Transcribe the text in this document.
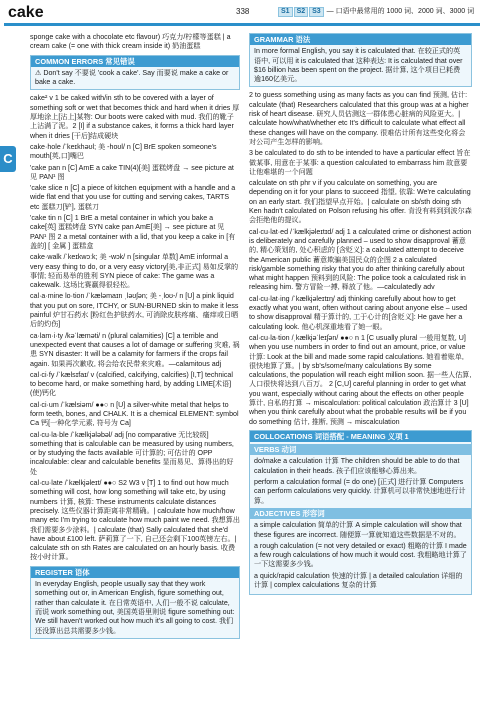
cake	338	S1 S2 S3 — 口语中最常用的 1000 词、2000 词、3000 词
C

sponge cake with a chocolate etc flavour) 巧克力/柠檬等蛋糕 | a cream cake (= one with thick cream inside it) 奶油蛋糕

COMMON ERRORS 常见错误
⚠ Don't say 不要说 'cook a cake'. Say 而要说 make a cake or bake a cake.

cake² v 1 be caked with/in sth to be covered with a layer of something soft or wet that becomes thick and hard when it dries 厚厚地涂上[沾上]某物: Our boots were caked with mud. 我们的靴子上沾满了泥。2 [I] if a substance cakes, it forms a thick hard layer when it dries [干后]结成硬块

cake·hole /ˈkeɪkhəʊl; 美 -hoʊl/ n [C] BrE spoken someone's mouth[英,口]嘴巴

'cake pan n [C] AmE a cake TIN(4)[美] 蛋糕烤盘 → see picture at 见 PAN¹ 图

'cake slice n [C] a piece of kitchen equipment with a handle and a wide flat end that you use for cutting and serving cakes, TARTS etc 蛋糕刀[铲], 蛋糕刀

'cake tin n [C] 1 BrE a metal container in which you bake a cake[英] 蛋糕烤盘 SYN cake pan AmE[美] → see picture at 见 PAN¹ 图 2 a metal container with a lid, that you keep a cake in [有盖的] [ 金属 ] 蛋糕盒

cake·walk /ˈkeɪkwɔːk; 美 -wɔk/ n [singular 单数] AmE informal a very easy thing to do, or a very easy victory[美,非正式] 易如反掌的事情; 轻而易举的胜利 SYN piece of cake: The game was a cakewalk. 这场比赛赢得很轻松。

cal·a·mine lo·tion /ˈkæləmaɪn ˌləʊʃən; 美 -ˌloʊ-/ n [U] a pink liquid that you put on sore, ITCHY, or SUN-BURNED skin to make it less painful 炉甘石药水 [粉红色护肤药水, 可消除皮肤疼痛、瘙痒或日晒后的灼伤]

ca·lam·i·ty /kəˈlæməti/ n (plural calamities) [C] a terrible and unexpected event that causes a lot of damage or suffering 灾难, 祸患 SYN disaster: It will be a calamity for farmers if the crops fail again. 如果再次歉收, 将会给农民带来灾难。—calamitous adj

cal·ci·fy /ˈkælsɪfaɪ/ v (calcified, calcifying, calcifies) [I,T] technical to become hard, or make something hard, by adding LIME[术语] (使)钙化

cal·ci·um /ˈkælsiəm/ ●●○ n [U] a silver-white metal that helps to form teeth, bones, and CHALK. It is a chemical ELEMENT: symbol Ca 钙[一种化学元素, 符号为 Ca]

cal·cu·la·ble /ˈkælkjələbəl/ adj [no comparative 无比较级] something that is calculable can be measured by using numbers, or by studying the facts available 可计算的; 可估计的 OPP incalculable: clear and calculable benefits 显而易见、算得出的好处

cal·cu·late /ˈkælkjəleɪt/ ●●○ S2 W3 v [T] 1 to find out how much something will cost, how long something will take etc, by using numbers 计算, 核算: These instruments calculate distances precisely. 这些仪器计算距离非常精确。| calculate how much/how many etc I'm trying to calculate how much paint we need. 我想算出我们需要多少涂料。| calculate (that) Sally calculated that she'd have about £100 left. 萨莉算了一下, 自己还会剩下100英镑左右。| calculate sth on sth Rates are calculated on an hourly basis. 收费按小时计算。

REGISTER 语体
In everyday English, people usually say that they work something out or, in American English, figure something out, rather than calculate it. 在日常英语中, 人们一般不说 calculate, 而说 work something out, 美国英语里则说 figure something out: We still haven't worked out how much it's all going to cost. 我们还没算出总共需要多少钱。
GRAMMAR 语法
In more formal English, you say it is calculated that. 在较正式的英语中, 可以用 it is calculated that 这种表达: It is calculated that over $16 billion has been spent on the project. 据计算, 这个项目已耗费逾160亿美元。

2 to guess something using as many facts as you can find 预测, 估计: calculate (that) Researchers calculated that this group was at a higher risk of heart disease. 研究人员估测这一群体患心脏病的风险更大。| calculate how/what/whether etc It's difficult to calculate what effect all these changes will have on the company. 很难估计所有这些变化将会对公司产生怎样的影响。

3 be calculated to do sth to be intended to have a particular effect 旨在做某事, 用意在于某事: a question calculated to embarrass him 故意要让他难堪的一个问题

calculate on sth phr v if you calculate on something, you are depending on it for your plans to succeed 指望, 依靠: We're calculating on an early start. 我们指望早点开始。| calculate on sb/sth doing sth Ken hadn't calculated on Polson refusing his offer. 肯没有料到到波尔森会拒绝他的提议。

cal·cu·lat·ed /ˈkælkjəleɪtɪd/ adj 1 a calculated crime or dishonest action is deliberately and carefully planned – used to show disapproval 蓄意的, 精心策划的, 处心积虑的 [含贬义]: a calculated attempt to deceive the American public 蓄意欺骗美国民众的企图 2 a calculated risk/gamble something risky that you do after thinking carefully about what might happen 预料到的风险: The police took a calculated risk in releasing him. 警方冒险一搏, 释放了他。—calculatedly adv

cal·cu·lat·ing /ˈkælkjəleɪtɪŋ/ adj thinking carefully about how to get exactly what you want, often without caring about anyone else – used to show disapproval 精于算计的, 工于心计的[含贬义]: He gave her a calculating look. 他心机深重地看了她一眼。

cal·cu·la·tion /ˌkælkjəˈleɪʃən/ ●●○ n 1 [C usually plural 一般用复数, U] when you use numbers in order to find out an amount, price, or value 计算: Look at the bill and made some rapid calculations. 她看着账单, 很快地算了算。| by sb's/some/many calculations By some calculations, the population will reach eight million soon. 据一些人估算, 人口很快将达到八百万。 2 [C,U] careful planning in order to get what you want, especially without caring about the effects on other people 算计, 自私的打算 → miscalculation: political calculation 政治算计 3 [U] when you think carefully about what the probable results will be if you do something 估计, 推断, 预测 → miscalculation

COLLOCATIONS 词语搭配 - MEANING 义项 1
VERBS 动词

do/make a calculation 计算 The children should be able to do that calculation in their heads. 孩子们应该能够心算出来。

perform a calculation formal (= do one) [正式] 进行计算 Computers can perform calculations very quickly. 计算机可以非常快速地进行计算。

ADJECTIVES 形容词

a simple calculation 简单的计算 A simple calculation will show that these figures are incorrect. 随便算一算就知道这些数据是不对的。

a rough calculation (= not very detailed or exact) 粗略的计算 I made a few rough calculations of how much it would cost. 我粗略地计算了一下这需要多少钱。

a quick/rapid calculation 快速的计算 | a detailed calculation 详细的计算 | complex calculations 复杂的计算
